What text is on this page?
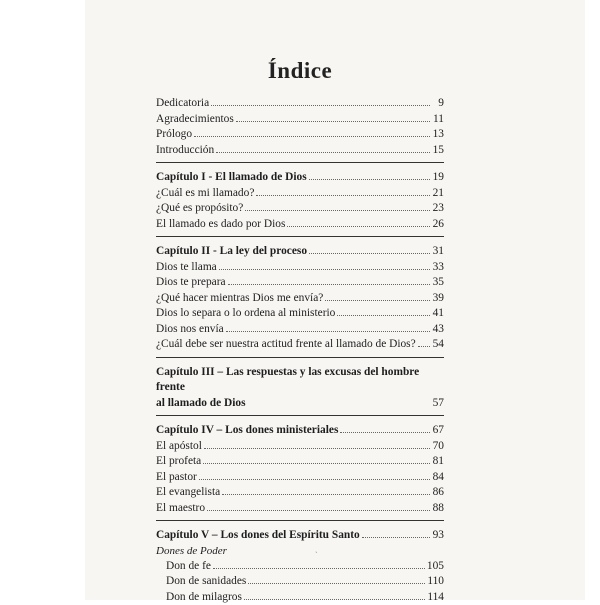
Índice
Dedicatoria	9
Agradecimientos	11
Prólogo	13
Introducción	15
Capítulo I - El llamado de Dios	19
¿Cuál es mi llamado?	21
¿Qué es propósito?	23
El llamado es dado por Dios	26
Capítulo II - La ley del proceso	31
Dios te llama	33
Dios te prepara	35
¿Qué hacer mientras Dios me envía?	39
Dios lo separa o lo ordena al ministerio	41
Dios nos envía	43
¿Cuál debe ser nuestra actitud frente al llamado de Dios? 54
Capítulo III – Las respuestas y las excusas del hombre frente
al llamado de Dios	57
Capítulo IV – Los dones ministeriales	67
El apóstol	70
El profeta	81
El pastor	84
El evangelista	86
El maestro	88
Capítulo V – Los dones del Espíritu Santo	93
Dones de Poder
Don de fe	105
Don de sanidades	110
Don de milagros	114
ˏ
